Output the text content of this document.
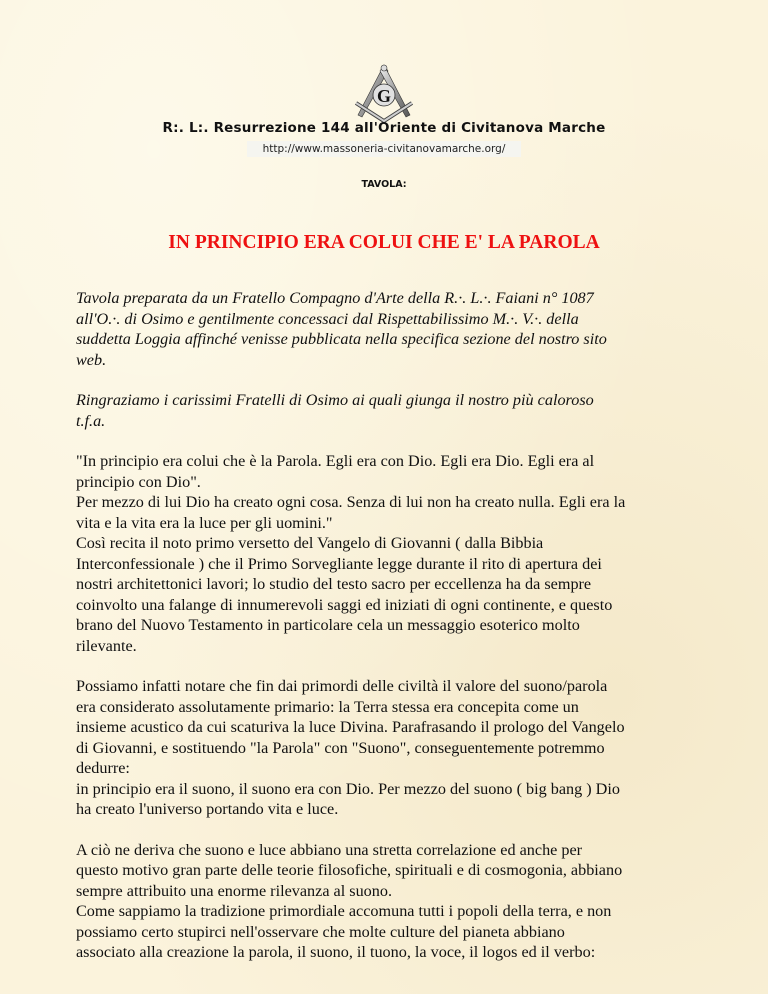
G
R:. L:. Resurrezione 144 all'Oriente di Civitanova Marche
http://www.massoneria-civitanovamarche.org/
TAVOLA:
IN PRINCIPIO ERA COLUI CHE E' LA PAROLA

Tavola preparata da un Fratello Compagno d'Arte della R.·. L.·. Faiani n° 1087
all'O.·. di Osimo e gentilmente concessaci dal Rispettabilissimo M.·. V.·. della
suddetta Loggia affinché venisse pubblicata nella specifica sezione del nostro sito
web.

Ringraziamo i carissimi Fratelli di Osimo ai quali giunga il nostro più caloroso
t.f.a.

"In principio era colui che è la Parola. Egli era con Dio. Egli era Dio. Egli era al
principio con Dio".
Per mezzo di lui Dio ha creato ogni cosa. Senza di lui non ha creato nulla. Egli era la
vita e la vita era la luce per gli uomini."
Così recita il noto primo versetto del Vangelo di Giovanni ( dalla Bibbia
Interconfessionale ) che il Primo Sorvegliante legge durante il rito di apertura dei
nostri architettonici lavori; lo studio del testo sacro per eccellenza ha da sempre
coinvolto una falange di innumerevoli saggi ed iniziati di ogni continente, e questo
brano del Nuovo Testamento in particolare cela un messaggio esoterico molto
rilevante.

Possiamo infatti notare che fin dai primordi delle civiltà il valore del suono/parola
era considerato assolutamente primario: la Terra stessa era concepita come un
insieme acustico da cui scaturiva la luce Divina. Parafrasando il prologo del Vangelo
di Giovanni, e sostituendo "la Parola" con "Suono", conseguentemente potremmo
dedurre:
in principio era il suono, il suono era con Dio. Per mezzo del suono ( big bang ) Dio
ha creato l'universo portando vita e luce.

A ciò ne deriva che suono e luce abbiano una stretta correlazione ed anche per
questo motivo gran parte delle teorie filosofiche, spirituali e di cosmogonia, abbiano
sempre attribuito una enorme rilevanza al suono.
Come sappiamo la tradizione primordiale accomuna tutti i popoli della terra, e non
possiamo certo stupirci nell'osservare che molte culture del pianeta abbiano
associato alla creazione la parola, il suono, il tuono, la voce, il logos ed il verbo:
